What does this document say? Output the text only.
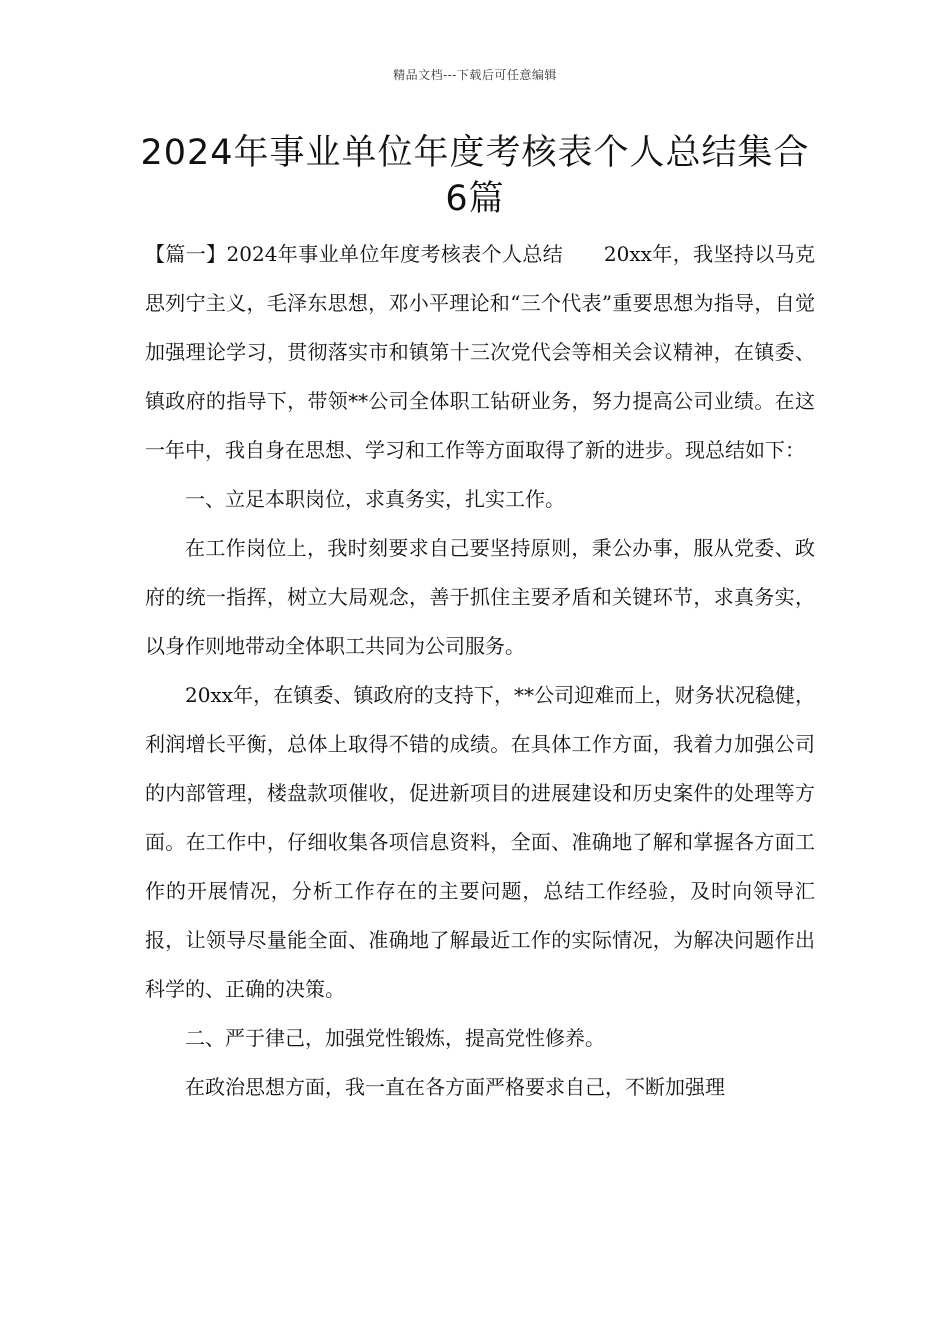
精品文档---下载后可任意编辑
2024年事业单位年度考核表个人总结集合6篇

【篇一】2024年事业单位年度考核表个人总结　　20xx年，我坚持以马克思列宁主义，毛泽东思想，邓小平理论和“三个代表”重要思想为指导，自觉加强理论学习，贯彻落实市和镇第十三次党代会等相关会议精神，在镇委、镇政府的指导下，带领**公司全体职工钻研业务，努力提高公司业绩。在这一年中，我自身在思想、学习和工作等方面取得了新的进步。现总结如下：

一、立足本职岗位，求真务实，扎实工作。

在工作岗位上，我时刻要求自己要坚持原则，秉公办事，服从党委、政府的统一指挥，树立大局观念，善于抓住主要矛盾和关键环节，求真务实，以身作则地带动全体职工共同为公司服务。

20xx年，在镇委、镇政府的支持下，**公司迎难而上，财务状况稳健，利润增长平衡，总体上取得不错的成绩。在具体工作方面，我着力加强公司的内部管理，楼盘款项催收，促进新项目的进展建设和历史案件的处理等方面。在工作中，仔细收集各项信息资料，全面、准确地了解和掌握各方面工作的开展情况，分析工作存在的主要问题，总结工作经验，及时向领导汇报，让领导尽量能全面、准确地了解最近工作的实际情况，为解决问题作出科学的、正确的决策。

二、严于律己，加强党性锻炼，提高党性修养。

在政治思想方面，我一直在各方面严格要求自己，不断加强理
